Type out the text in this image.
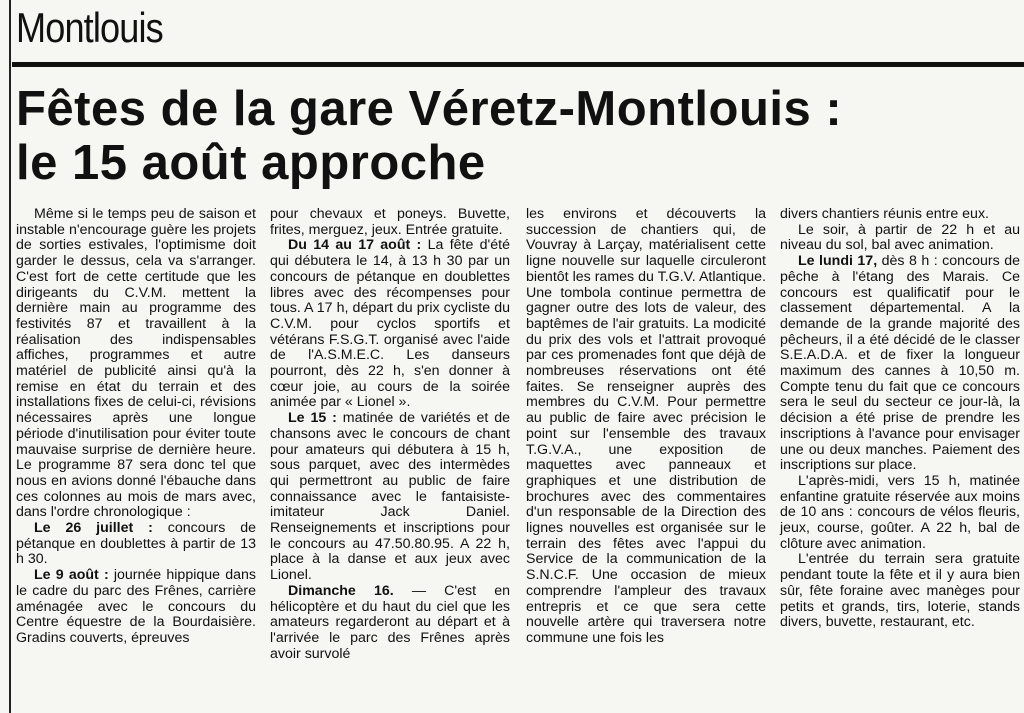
Montlouis
Fêtes de la gare Véretz-Montlouis :
le 15 août approche

Même si le temps peu de saison et instable n'encourage guère les projets de sorties estivales, l'optimisme doit garder le dessus, cela va s'arranger. C'est fort de cette certitude que les dirigeants du C.V.M. mettent la dernière main au programme des festivités 87 et travaillent à la réalisation des indispensables affiches, programmes et autre matériel de publicité ainsi qu'à la remise en état du terrain et des installations fixes de celui-ci, révisions nécessaires après une longue période d'inutilisation pour éviter toute mauvaise surprise de dernière heure. Le programme 87 sera donc tel que nous en avions donné l'ébauche dans ces colonnes au mois de mars avec, dans l'ordre chronologique :

Le 26 juillet : concours de pétanque en doublettes à partir de 13 h 30.

Le 9 août : journée hippique dans le cadre du parc des Frênes, carrière aménagée avec le concours du Centre équestre de la Bourdaisière. Gradins couverts, épreuves

pour chevaux et poneys. Buvette, frites, merguez, jeux. Entrée gratuite.

Du 14 au 17 août : La fête d'été qui débutera le 14, à 13 h 30 par un concours de pétanque en doublettes libres avec des récompenses pour tous. A 17 h, départ du prix cycliste du C.V.M. pour cyclos sportifs et vétérans F.S.G.T. organisé avec l'aide de l'A.S.M.E.C. Les danseurs pourront, dès 22 h, s'en donner à cœur joie, au cours de la soirée animée par « Lionel ».

Le 15 : matinée de variétés et de chansons avec le concours de chant pour amateurs qui débutera à 15 h, sous parquet, avec des intermèdes qui permettront au public de faire connaissance avec le fantaisiste-imitateur Jack Daniel. Renseignements et inscriptions pour le concours au 47.50.80.95. A 22 h, place à la danse et aux jeux avec Lionel.

Dimanche 16. — C'est en hélicoptère et du haut du ciel que les amateurs regarderont au départ et à l'arrivée le parc des Frênes après avoir survolé

les environs et découverts la succession de chantiers qui, de Vouvray à Larçay, matérialisent cette ligne nouvelle sur laquelle circuleront bientôt les rames du T.G.V. Atlantique. Une tombola continue permettra de gagner outre des lots de valeur, des baptêmes de l'air gratuits. La modicité du prix des vols et l'attrait provoqué par ces promenades font que déjà de nombreuses réservations ont été faites. Se renseigner auprès des membres du C.V.M. Pour permettre au public de faire avec précision le point sur l'ensemble des travaux T.G.V.A., une exposition de maquettes avec panneaux et graphiques et une distribution de brochures avec des commentaires d'un responsable de la Direction des lignes nouvelles est organisée sur le terrain des fêtes avec l'appui du Service de la communication de la S.N.C.F. Une occasion de mieux comprendre l'ampleur des travaux entrepris et ce que sera cette nouvelle artère qui traversera notre commune une fois les

divers chantiers réunis entre eux.

Le soir, à partir de 22 h et au niveau du sol, bal avec animation.

Le lundi 17, dès 8 h : concours de pêche à l'étang des Marais. Ce concours est qualificatif pour le classement départemental. A la demande de la grande majorité des pêcheurs, il a été décidé de le classer S.E.A.D.A. et de fixer la longueur maximum des cannes à 10,50 m. Compte tenu du fait que ce concours sera le seul du secteur ce jour-là, la décision a été prise de prendre les inscriptions à l'avance pour envisager une ou deux manches. Paiement des inscriptions sur place.

L'après-midi, vers 15 h, matinée enfantine gratuite réservée aux moins de 10 ans : concours de vélos fleuris, jeux, course, goûter. A 22 h, bal de clôture avec animation.

L'entrée du terrain sera gratuite pendant toute la fête et il y aura bien sûr, fête foraine avec manèges pour petits et grands, tirs, loterie, stands divers, buvette, restaurant, etc.
